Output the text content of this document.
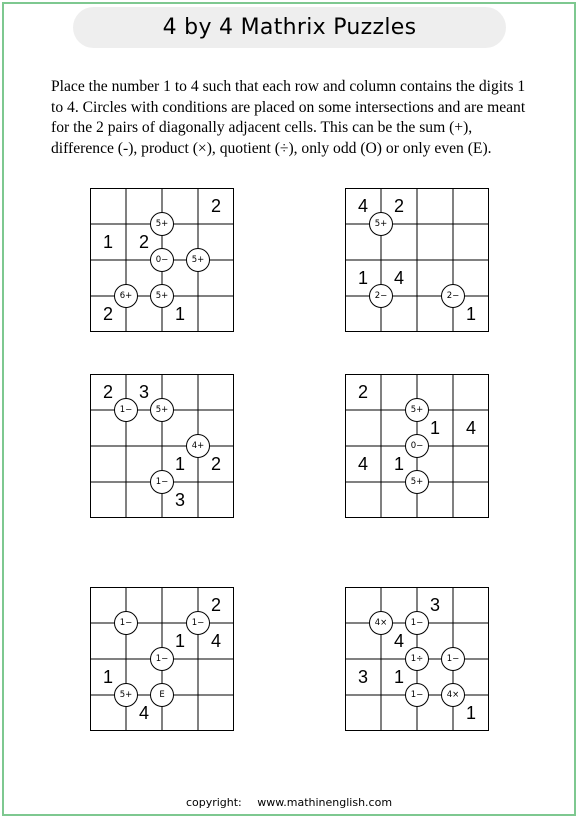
4 by 4 Mathrix Puzzles
Place the number 1 to 4 such that each row and column contains the digits 1 to 4. Circles with conditions are placed on some intersections and are meant for the 2 pairs of diagonally adjacent cells. This can be the sum (+), difference (-), product (×), quotient (÷), only odd (O) or only even (E).
2
1 2
2	1
5+
0−	5+
6+	5+
4 2
1 4
1
5+
2−	2−
2 3
1 2
3
1−	5+
4+
1−
2
1 4
4 1
5+
0−
5+
2
1 4
1
4
1−	1−
1−
5+	E
3
4
3 1
1
4×	1−
1÷	1−
1−	4×
copyright: www.mathinenglish.com
